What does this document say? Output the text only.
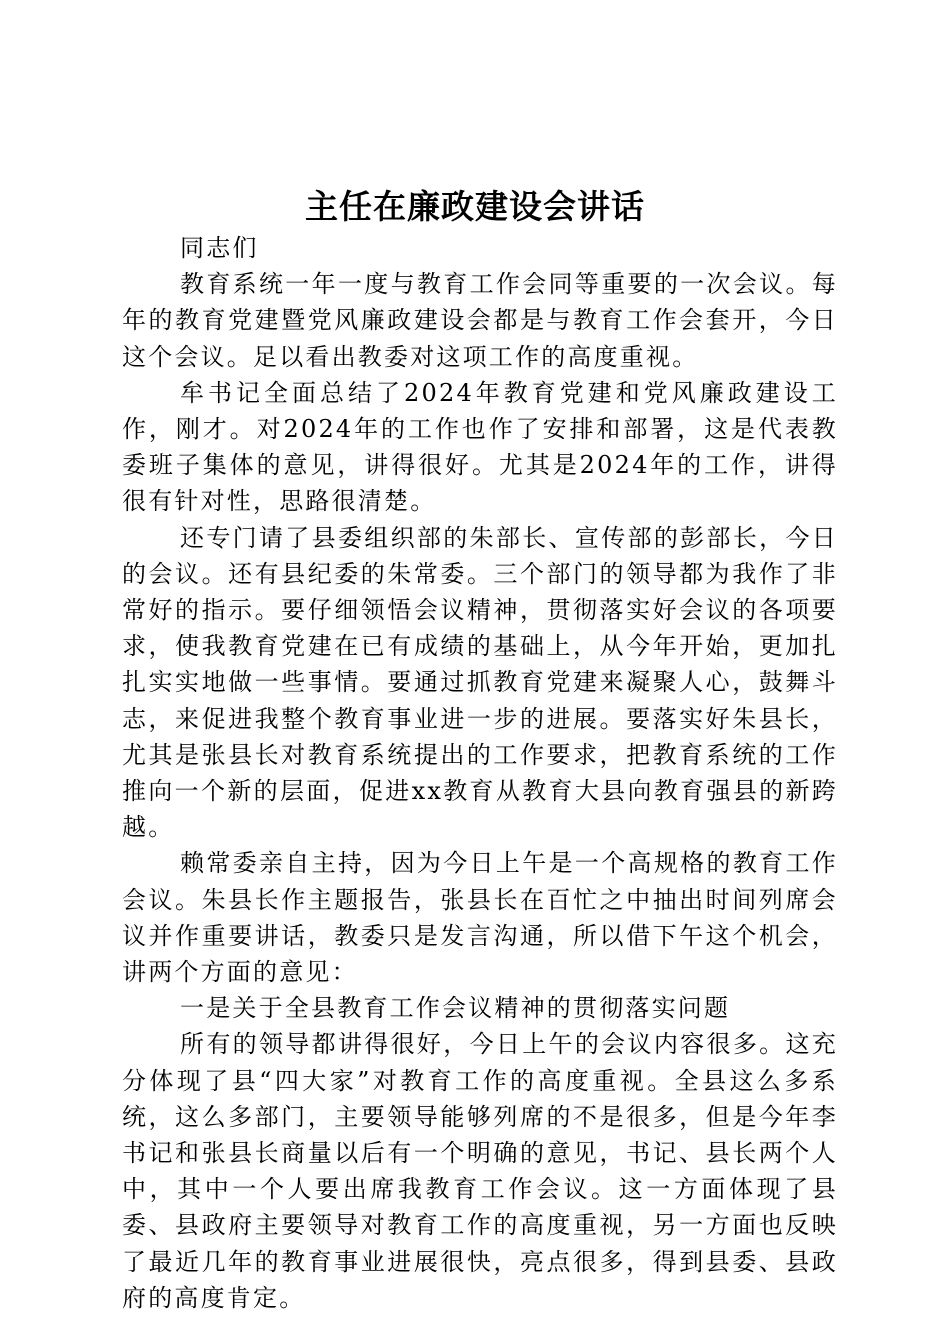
主任在廉政建设会讲话

同志们

教育系统一年一度与教育工作会同等重要的一次会议。每年的教育党建暨党风廉政建设会都是与教育工作会套开，今日这个会议。足以看出教委对这项工作的高度重视。

牟书记全面总结了2024年教育党建和党风廉政建设工作，刚才。对2024年的工作也作了安排和部署，这是代表教委班子集体的意见，讲得很好。尤其是2024年的工作，讲得很有针对性，思路很清楚。

还专门请了县委组织部的朱部长、宣传部的彭部长，今日的会议。还有县纪委的朱常委。三个部门的领导都为我作了非常好的指示。要仔细领悟会议精神，贯彻落实好会议的各项要求，使我教育党建在已有成绩的基础上，从今年开始，更加扎扎实实地做一些事情。要通过抓教育党建来凝聚人心，鼓舞斗志，来促进我整个教育事业进一步的进展。要落实好朱县长，尤其是张县长对教育系统提出的工作要求，把教育系统的工作推向一个新的层面，促进xx教育从教育大县向教育强县的新跨越。

赖常委亲自主持，因为今日上午是一个高规格的教育工作会议。朱县长作主题报告，张县长在百忙之中抽出时间列席会议并作重要讲话，教委只是发言沟通，所以借下午这个机会，讲两个方面的意见：

一是关于全县教育工作会议精神的贯彻落实问题

所有的领导都讲得很好，今日上午的会议内容很多。这充分体现了县“四大家”对教育工作的高度重视。全县这么多系统，这么多部门，主要领导能够列席的不是很多，但是今年李书记和张县长商量以后有一个明确的意见，书记、县长两个人中，其中一个人要出席我教育工作会议。这一方面体现了县委、县政府主要领导对教育工作的高度重视，另一方面也反映了最近几年的教育事业进展很快，亮点很多，得到县委、县政府的高度肯定。
